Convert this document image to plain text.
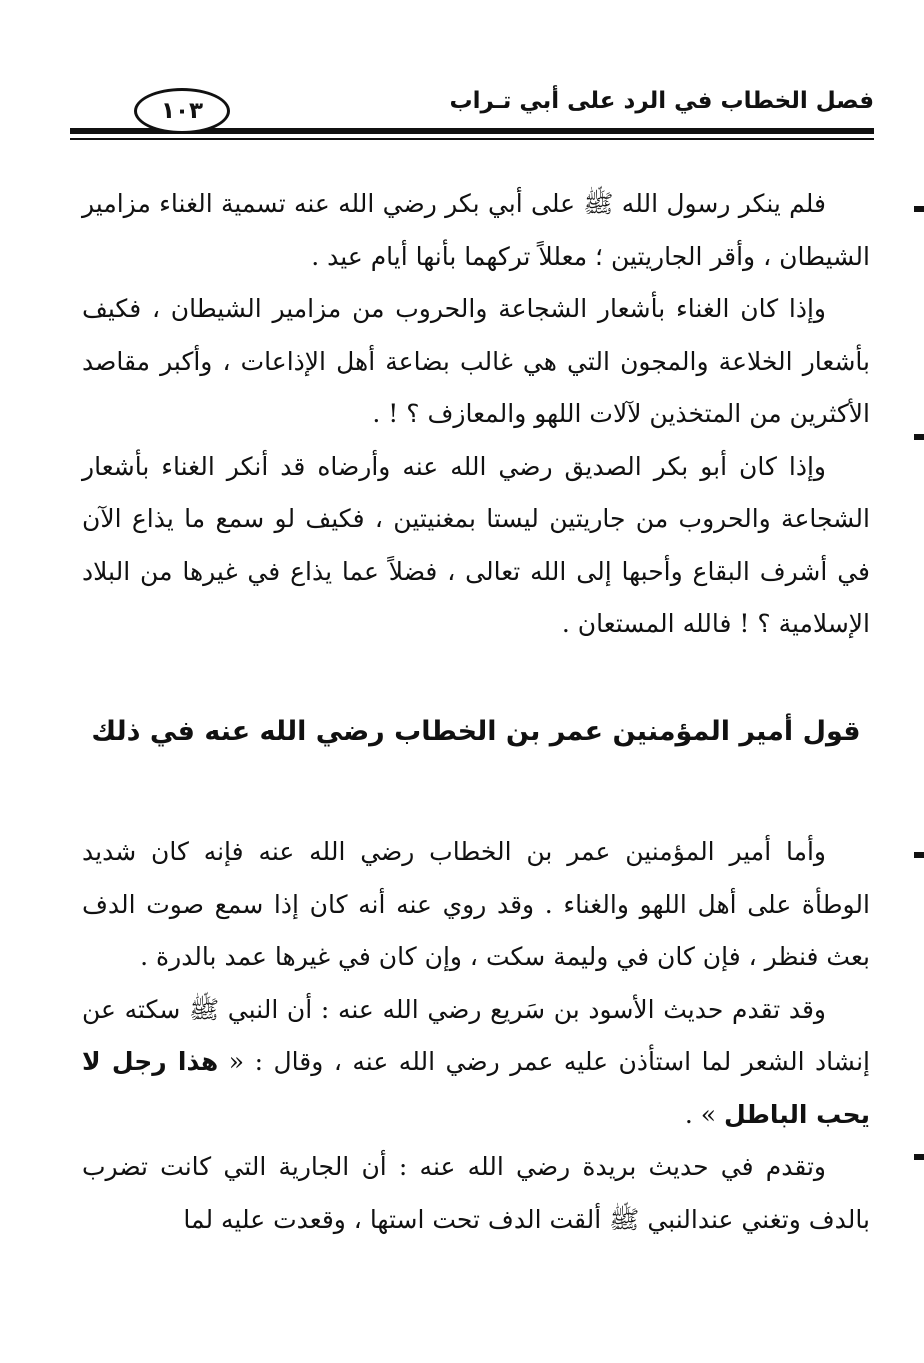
فصل الخطاب في الرد على أبي تـراب
١٠٣

فلم ينكر رسول الله ﷺ على أبي بكر رضي الله عنه تسمية الغناء مزامير الشيطان ، وأقر الجاريتين ؛ معللاً تركهما بأنها أيام عيد .

وإذا كان الغناء بأشعار الشجاعة والحروب من مزامير الشيطان ، فكيف بأشعار الخلاعة والمجون التي هي غالب بضاعة أهل الإذاعات ، وأكبر مقاصد الأكثرين من المتخذين لآلات اللهو والمعازف ؟ ! .

وإذا كان أبو بكر الصديق رضي الله عنه وأرضاه قد أنكر الغناء بأشعار الشجاعة والحروب من جاريتين ليستا بمغنيتين ، فكيف لو سمع ما يذاع الآن في أشرف البقاع وأحبها إلى الله تعالى ، فضلاً عما يذاع في غيرها من البلاد الإسلامية ؟ ! فالله المستعان .

قول أمير المؤمنين عمر بن الخطاب رضي الله عنه في ذلك

وأما أمير المؤمنين عمر بن الخطاب رضي الله عنه فإنه كان شديد الوطأة على أهل اللهو والغناء . وقد روي عنه أنه كان إذا سمع صوت الدف بعث فنظر ، فإن كان في وليمة سكت ، وإن كان في غيرها عمد بالدرة .

وقد تقدم حديث الأسود بن سَريع رضي الله عنه : أن النبي ﷺ سكته عن إنشاد الشعر لما استأذن عليه عمر رضي الله عنه ، وقال : « هذا رجل لا يحب الباطل » .

وتقدم في حديث بريدة رضي الله عنه : أن الجارية التي كانت تضرب بالدف وتغني عندالنبي ﷺ ألقت الدف تحت استها ، وقعدت عليه لما
